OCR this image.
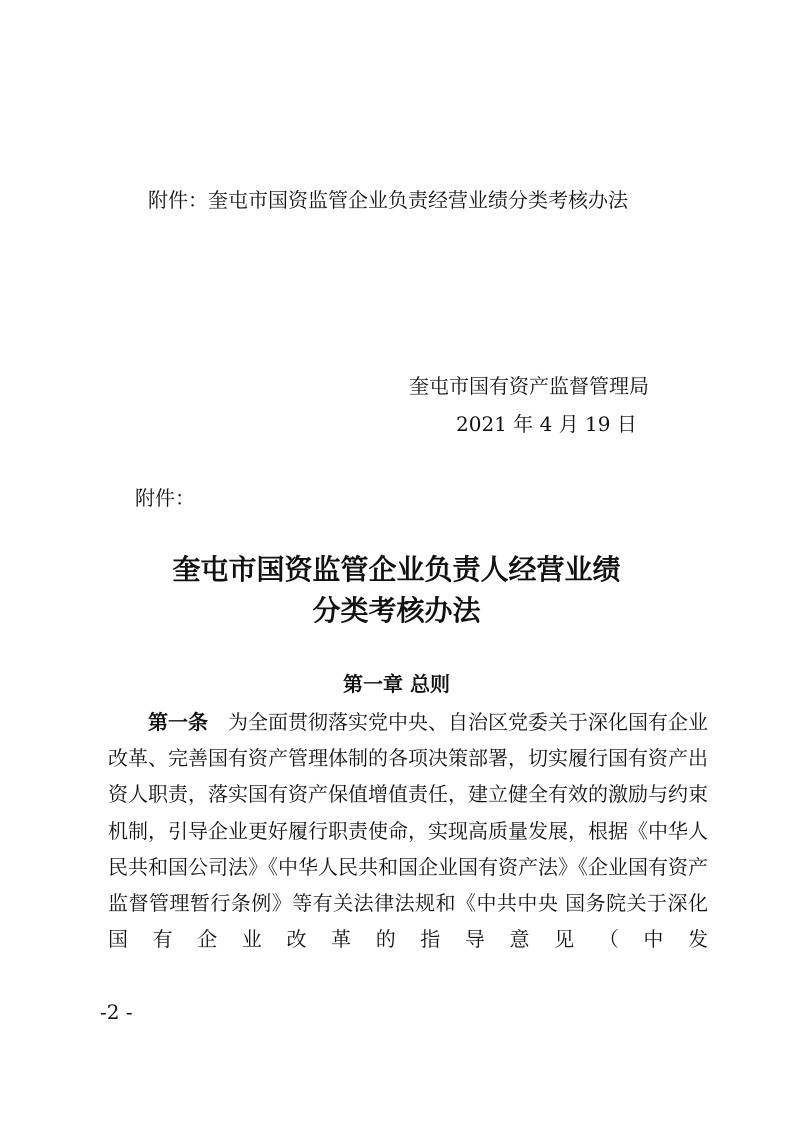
附件：奎屯市国资监管企业负责经营业绩分类考核办法
奎屯市国有资产监督管理局
2021 年 4 月 19 日
附件：
奎屯市国资监管企业负责人经营业绩
分类考核办法
第一章 总则
第一条 为全面贯彻落实党中央、自治区党委关于深化国有企业改革、完善国有资产管理体制的各项决策部署，切实履行国有资产出资人职责，落实国有资产保值增值责任，建立健全有效的激励与约束机制，引导企业更好履行职责使命，实现高质量发展，根据《中华人民共和国公司法》《中华人民共和国企业国有资产法》《企业国有资产监督管理暂行条例》等有关法律法规和《中共中央 国务院关于深化国有企业改革的指导意见（中发
-2 -
